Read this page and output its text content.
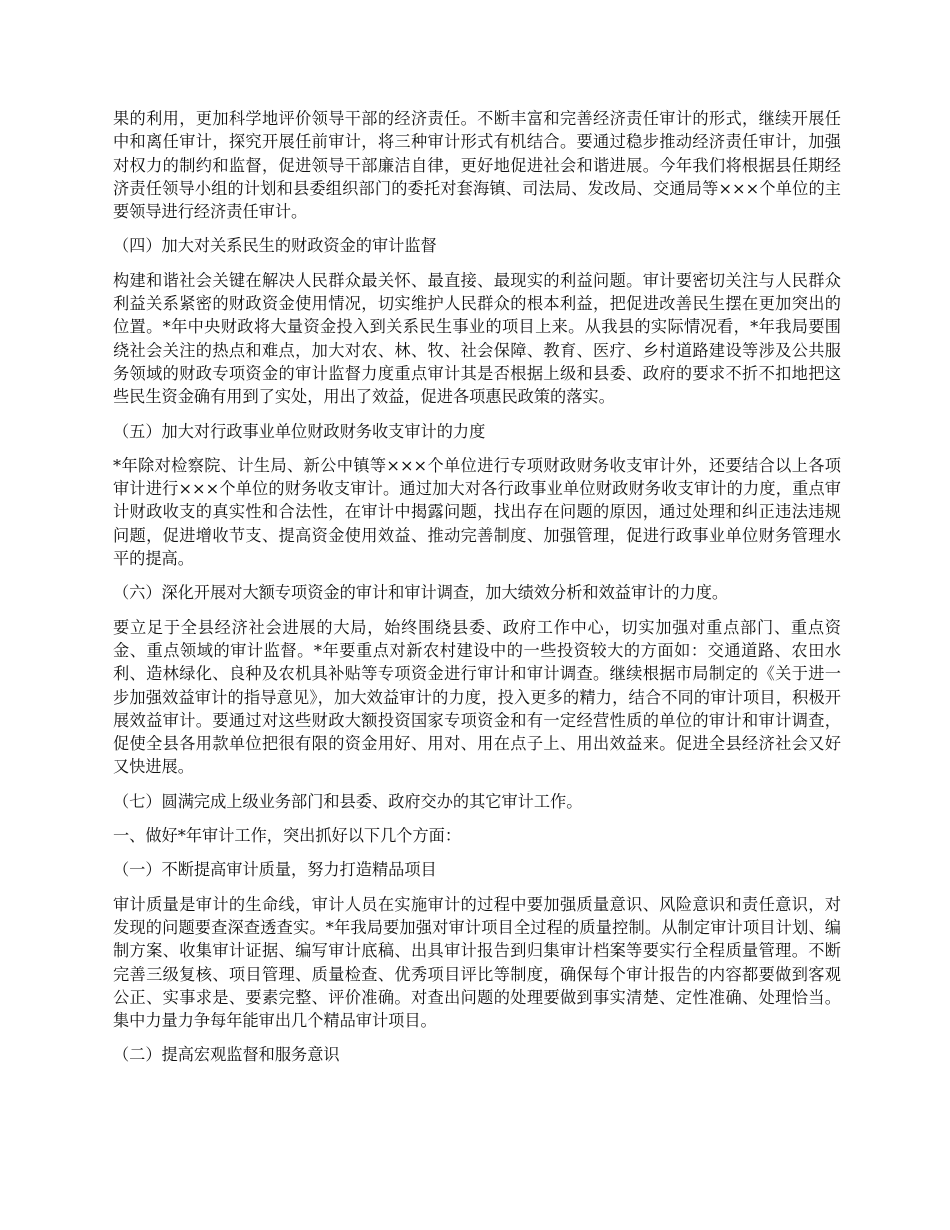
果的利用，更加科学地评价领导干部的经济责任。不断丰富和完善经济责任审计的形式，继续开展任中和离任审计，探究开展任前审计，将三种审计形式有机结合。要通过稳步推动经济责任审计，加强对权力的制约和监督，促进领导干部廉洁自律，更好地促进社会和谐进展。今年我们将根据县任期经济责任领导小组的计划和县委组织部门的委托对套海镇、司法局、发改局、交通局等×××个单位的主要领导进行经济责任审计。

（四）加大对关系民生的财政资金的审计监督

构建和谐社会关键在解决人民群众最关怀、最直接、最现实的利益问题。审计要密切关注与人民群众利益关系紧密的财政资金使用情况，切实维护人民群众的根本利益，把促进改善民生摆在更加突出的位置。*年中央财政将大量资金投入到关系民生事业的项目上来。从我县的实际情况看，*年我局要围绕社会关注的热点和难点，加大对农、林、牧、社会保障、教育、医疗、乡村道路建设等涉及公共服务领域的财政专项资金的审计监督力度重点审计其是否根据上级和县委、政府的要求不折不扣地把这些民生资金确有用到了实处，用出了效益，促进各项惠民政策的落实。

（五）加大对行政事业单位财政财务收支审计的力度

*年除对检察院、计生局、新公中镇等×××个单位进行专项财政财务收支审计外，还要结合以上各项审计进行×××个单位的财务收支审计。通过加大对各行政事业单位财政财务收支审计的力度，重点审计财政收支的真实性和合法性，在审计中揭露问题，找出存在问题的原因，通过处理和纠正违法违规问题，促进增收节支、提高资金使用效益、推动完善制度、加强管理，促进行政事业单位财务管理水平的提高。

（六）深化开展对大额专项资金的审计和审计调查，加大绩效分析和效益审计的力度。

要立足于全县经济社会进展的大局，始终围绕县委、政府工作中心，切实加强对重点部门、重点资金、重点领域的审计监督。*年要重点对新农村建设中的一些投资较大的方面如：交通道路、农田水利、造林绿化、良种及农机具补贴等专项资金进行审计和审计调查。继续根据市局制定的《关于进一步加强效益审计的指导意见》，加大效益审计的力度，投入更多的精力，结合不同的审计项目，积极开展效益审计。要通过对这些财政大额投资国家专项资金和有一定经营性质的单位的审计和审计调查，促使全县各用款单位把很有限的资金用好、用对、用在点子上、用出效益来。促进全县经济社会又好又快进展。

（七）圆满完成上级业务部门和县委、政府交办的其它审计工作。

一、做好*年审计工作，突出抓好以下几个方面：

（一）不断提高审计质量，努力打造精品项目

审计质量是审计的生命线，审计人员在实施审计的过程中要加强质量意识、风险意识和责任意识，对发现的问题要查深查透查实。*年我局要加强对审计项目全过程的质量控制。从制定审计项目计划、编制方案、收集审计证据、编写审计底稿、出具审计报告到归集审计档案等要实行全程质量管理。不断完善三级复核、项目管理、质量检查、优秀项目评比等制度，确保每个审计报告的内容都要做到客观公正、实事求是、要素完整、评价准确。对查出问题的处理要做到事实清楚、定性准确、处理恰当。集中力量力争每年能审出几个精品审计项目。

（二）提高宏观监督和服务意识
